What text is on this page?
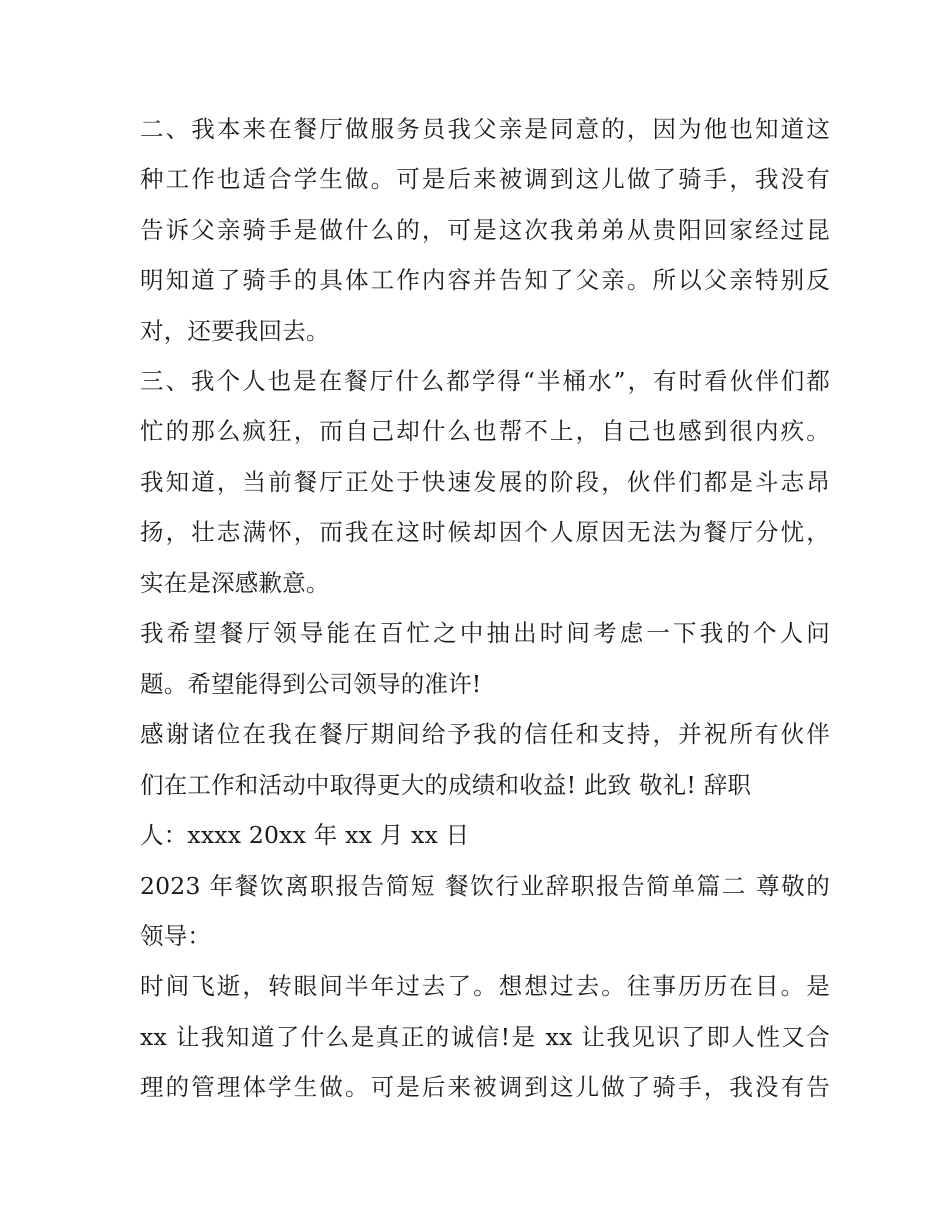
二、我本来在餐厅做服务员我父亲是同意的，因为他也知道这
种工作也适合学生做。可是后来被调到这儿做了骑手，我没有
告诉父亲骑手是做什么的，可是这次我弟弟从贵阳回家经过昆
明知道了骑手的具体工作内容并告知了父亲。所以父亲特别反
对，还要我回去。
三、我个人也是在餐厅什么都学得“半桶水”，有时看伙伴们都
忙的那么疯狂，而自己却什么也帮不上，自己也感到很内疚。
我知道，当前餐厅正处于快速发展的阶段，伙伴们都是斗志昂
扬，壮志满怀，而我在这时候却因个人原因无法为餐厅分忧，
实在是深感歉意。
我希望餐厅领导能在百忙之中抽出时间考虑一下我的个人问
题。希望能得到公司领导的准许!
感谢诸位在我在餐厅期间给予我的信任和支持，并祝所有伙伴
们在工作和活动中取得更大的成绩和收益! 此致 敬礼! 辞职
人：xxxx 20xx 年 xx 月 xx 日
2023 年餐饮离职报告简短 餐饮行业辞职报告简单篇二 尊敬的
领导：
时间飞逝，转眼间半年过去了。想想过去。往事历历在目。是
xx 让我知道了什么是真正的诚信!是 xx 让我见识了即人性又合
理的管理体学生做。可是后来被调到这儿做了骑手，我没有告
